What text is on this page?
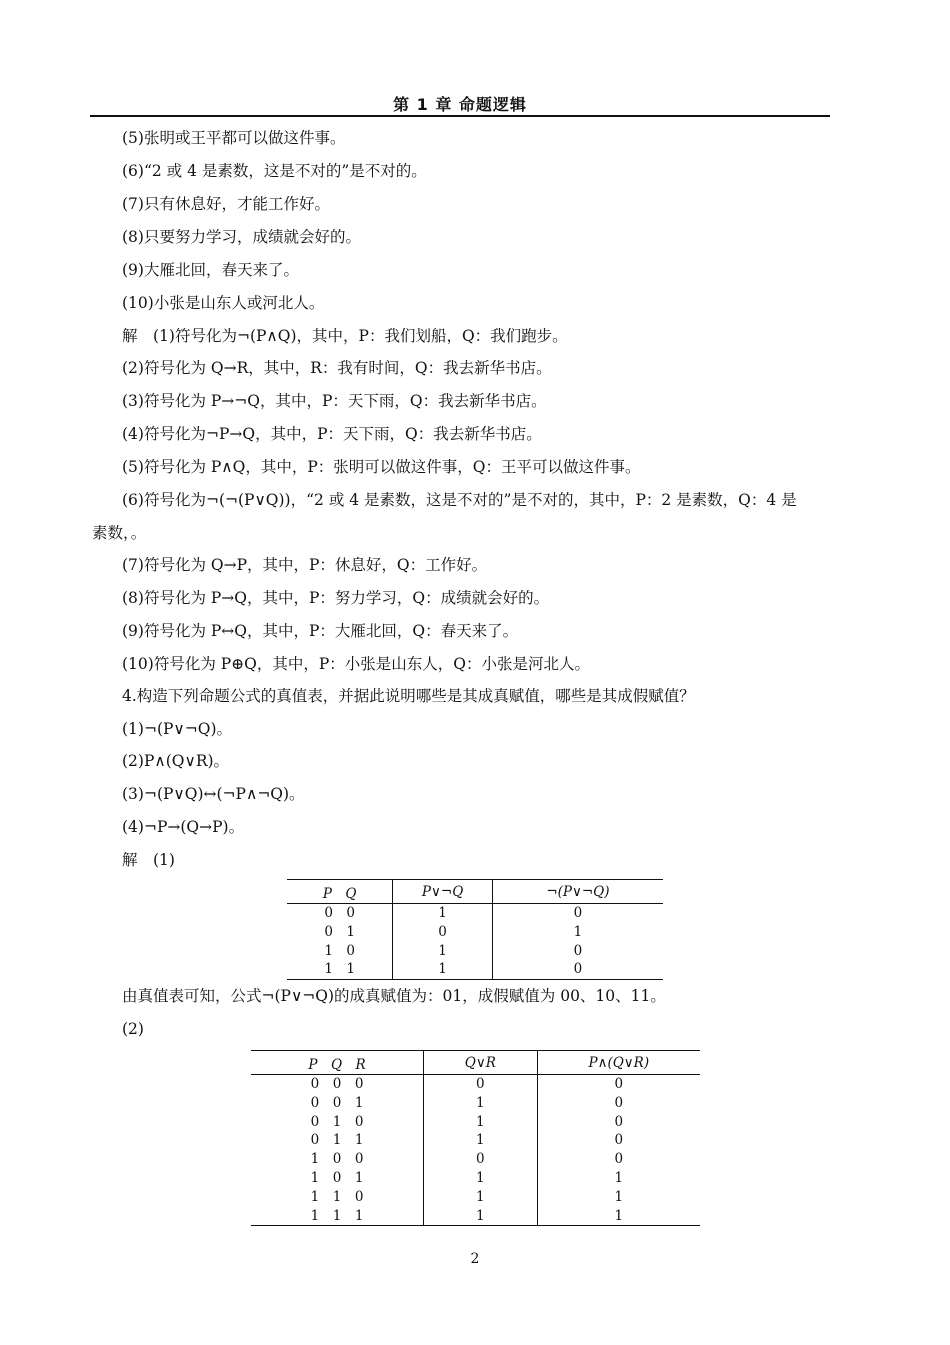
第 1 章 命题逻辑
(5)张明或王平都可以做这件事。
(6)“2 或 4 是素数，这是不对的”是不对的。
(7)只有休息好，才能工作好。
(8)只要努力学习，成绩就会好的。
(9)大雁北回，春天来了。
(10)小张是山东人或河北人。
解　(1)符号化为¬(P∧Q)，其中，P：我们划船，Q：我们跑步。
(2)符号化为 Q→R，其中，R：我有时间，Q：我去新华书店。
(3)符号化为 P→¬Q，其中，P：天下雨，Q：我去新华书店。
(4)符号化为¬P→Q，其中，P：天下雨，Q：我去新华书店。
(5)符号化为 P∧Q，其中，P：张明可以做这件事，Q：王平可以做这件事。
(6)符号化为¬(¬(P∨Q))，“2 或 4 是素数，这是不对的”是不对的，其中，P：2 是素数，Q：4 是
素数，。
(7)符号化为 Q→P，其中，P：休息好，Q：工作好。
(8)符号化为 P→Q，其中，P：努力学习，Q：成绩就会好的。
(9)符号化为 P↔Q，其中，P：大雁北回，Q：春天来了。
(10)符号化为 P⊕Q，其中，P：小张是山东人，Q：小张是河北人。
4.构造下列命题公式的真值表，并据此说明哪些是其成真赋值，哪些是其成假赋值？
(1)¬(P∨¬Q)。
(2)P∧(Q∨R)。
(3)¬(P∨Q)↔(¬P∧¬Q)。
(4)¬P→(Q→P)。
解　(1)
P　Q	P∨¬Q	¬(P∨¬Q)
0　0	1	0
0　1	0	1
1　0	1	0
1　1	1	0
由真值表可知，公式¬(P∨¬Q)的成真赋值为：01，成假赋值为 00、10、11。
(2)
P　Q　R	Q∨R	P∧(Q∨R)
0　0　0	0	0
0　0　1	1	0
0　1　0	1	0
0　1　1	1	0
1　0　0	0	0
1　0　1	1	1
1　1　0	1	1
1　1　1	1	1
2
